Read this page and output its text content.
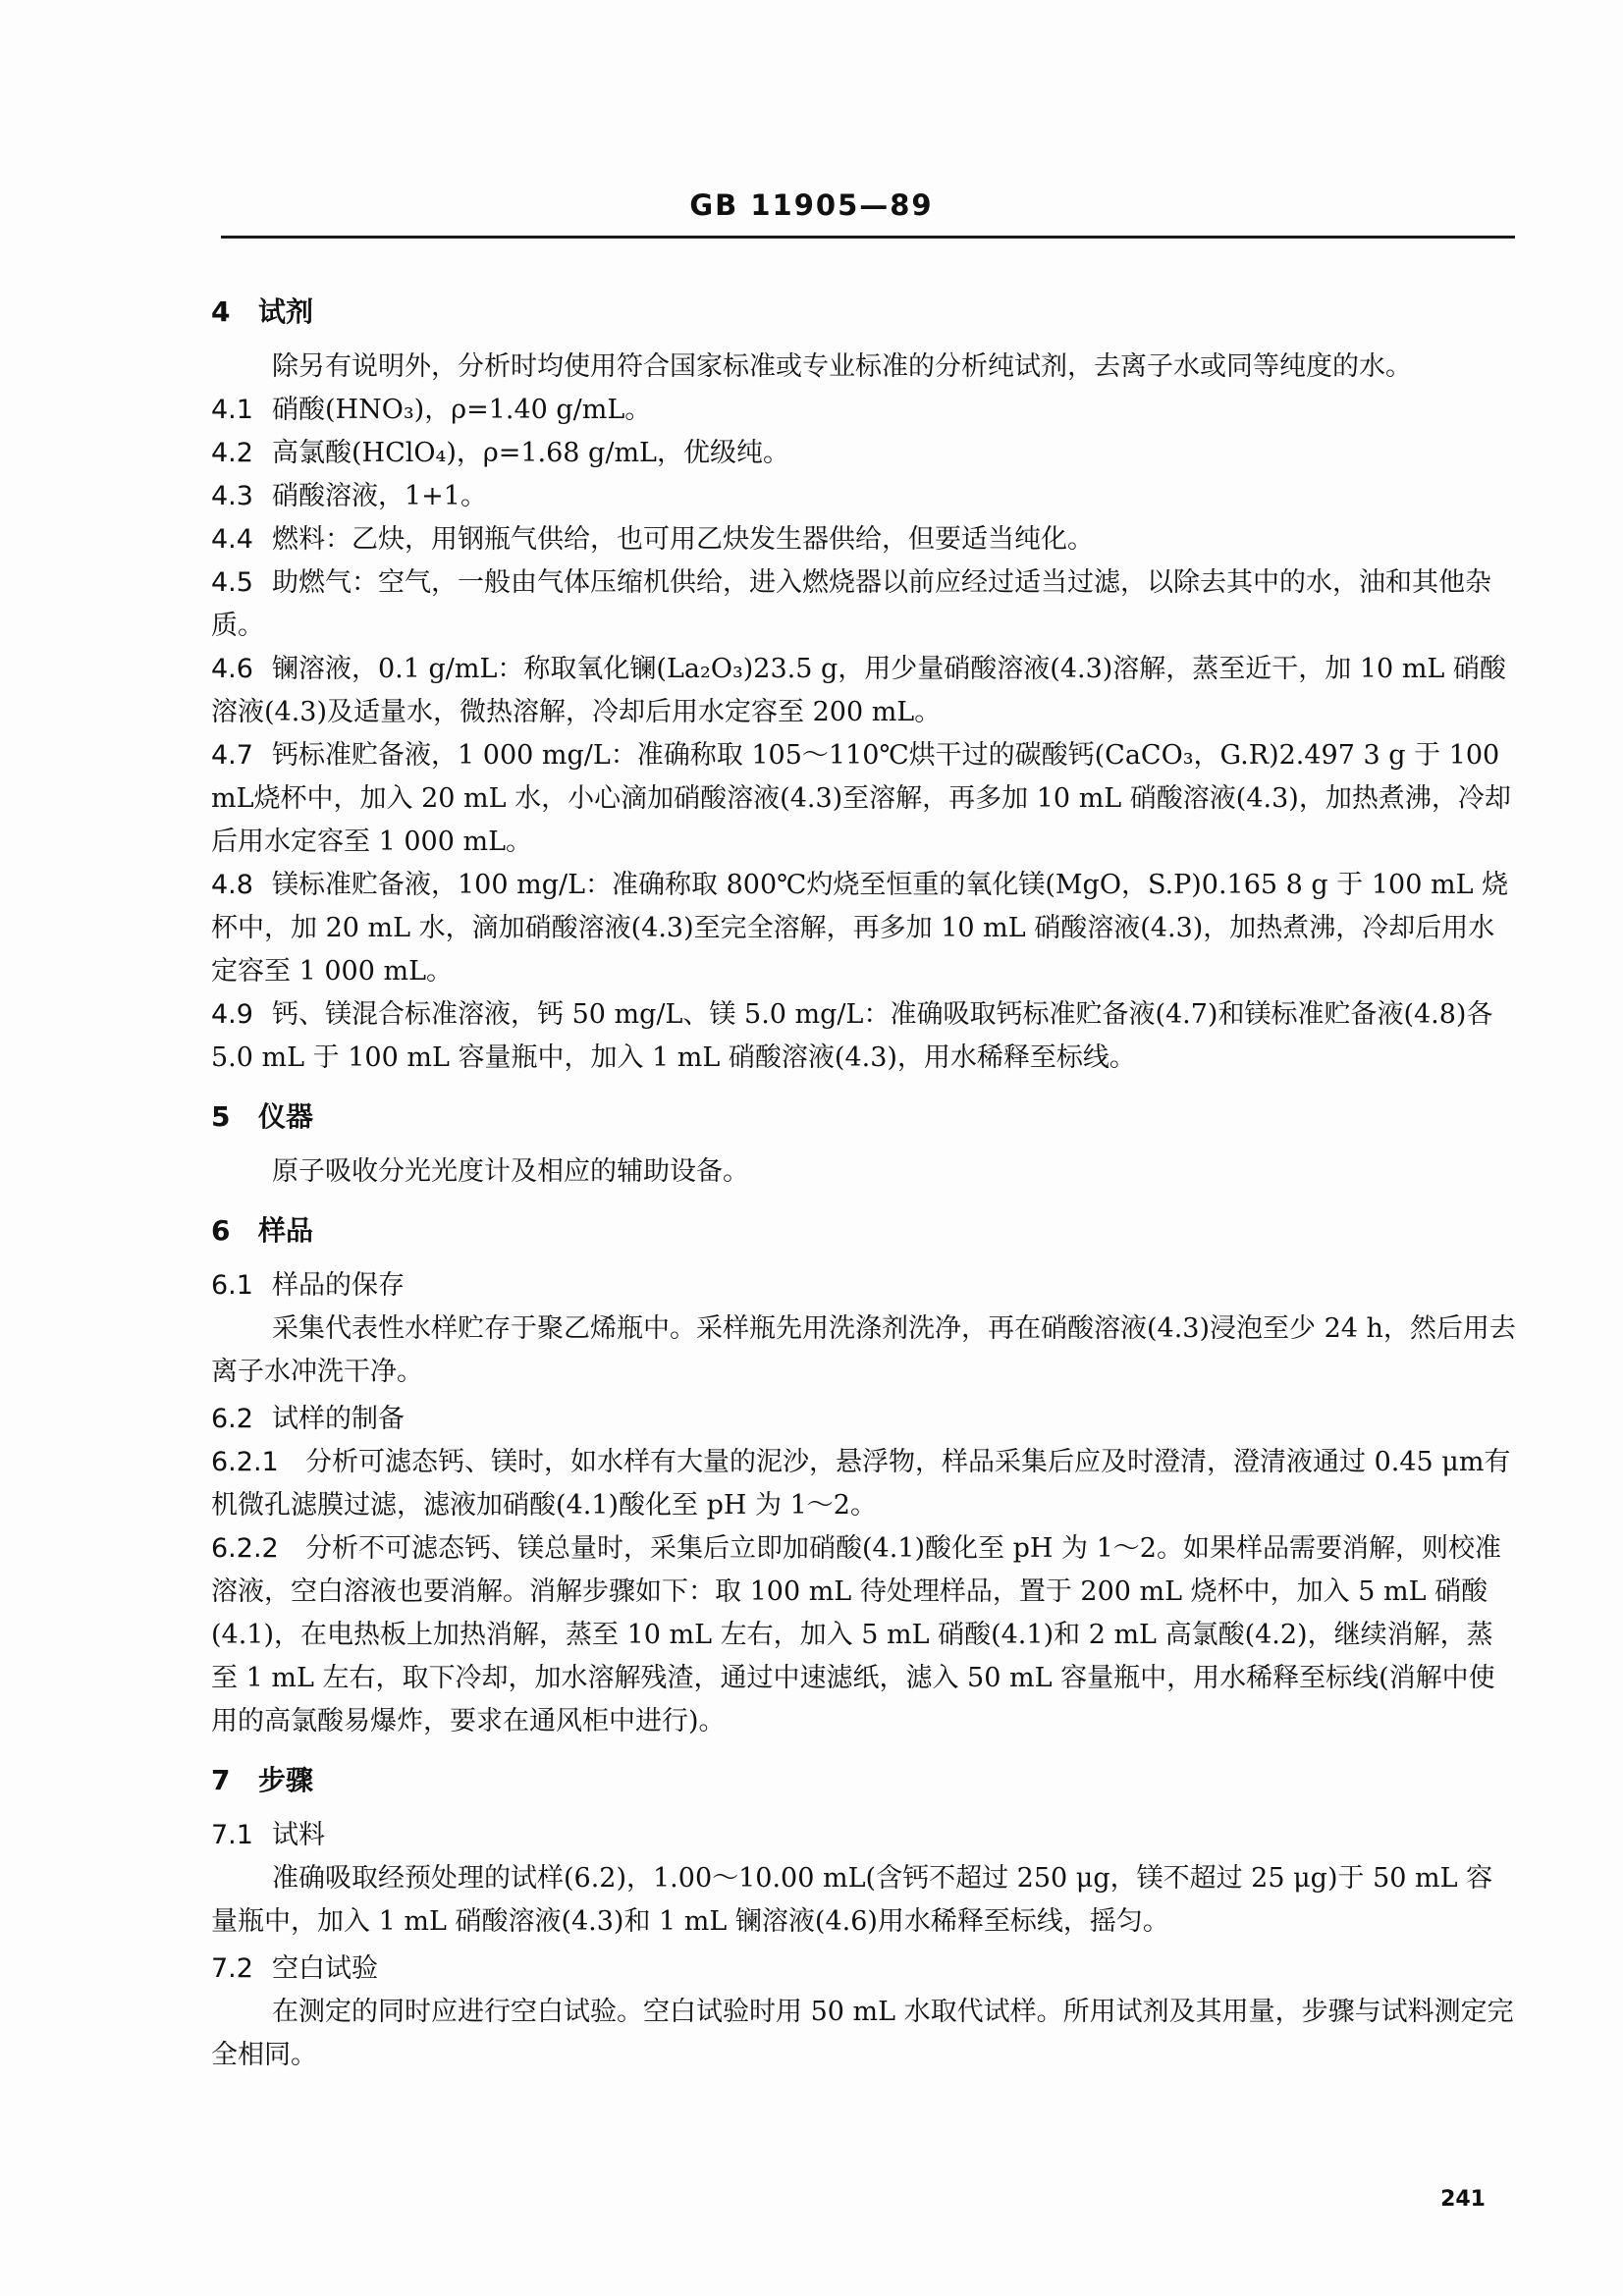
GB 11905—89
4 试剂
除另有说明外，分析时均使用符合国家标准或专业标准的分析纯试剂，去离子水或同等纯度的水。
4.1 硝酸(HNO₃)，ρ=1.40 g/mL。
4.2 高氯酸(HClO₄)，ρ=1.68 g/mL，优级纯。
4.3 硝酸溶液，1+1。
4.4 燃料：乙炔，用钢瓶气供给，也可用乙炔发生器供给，但要适当纯化。
4.5 助燃气：空气，一般由气体压缩机供给，进入燃烧器以前应经过适当过滤，以除去其中的水，油和其他杂质。
4.6 镧溶液，0.1 g/mL：称取氧化镧(La₂O₃)23.5 g，用少量硝酸溶液(4.3)溶解，蒸至近干，加 10 mL 硝酸溶液(4.3)及适量水，微热溶解，冷却后用水定容至 200 mL。
4.7 钙标准贮备液，1 000 mg/L：准确称取 105～110℃烘干过的碳酸钙(CaCO₃，G.R)2.497 3 g 于 100 mL烧杯中，加入 20 mL 水，小心滴加硝酸溶液(4.3)至溶解，再多加 10 mL 硝酸溶液(4.3)，加热煮沸，冷却后用水定容至 1 000 mL。
4.8 镁标准贮备液，100 mg/L：准确称取 800℃灼烧至恒重的氧化镁(MgO，S.P)0.165 8 g 于 100 mL 烧杯中，加 20 mL 水，滴加硝酸溶液(4.3)至完全溶解，再多加 10 mL 硝酸溶液(4.3)，加热煮沸，冷却后用水定容至 1 000 mL。
4.9 钙、镁混合标准溶液，钙 50 mg/L、镁 5.0 mg/L：准确吸取钙标准贮备液(4.7)和镁标准贮备液(4.8)各 5.0 mL 于 100 mL 容量瓶中，加入 1 mL 硝酸溶液(4.3)，用水稀释至标线。
5 仪器
原子吸收分光光度计及相应的辅助设备。
6 样品
6.1 样品的保存
采集代表性水样贮存于聚乙烯瓶中。采样瓶先用洗涤剂洗净，再在硝酸溶液(4.3)浸泡至少 24 h，然后用去离子水冲洗干净。
6.2 试样的制备
6.2.1 分析可滤态钙、镁时，如水样有大量的泥沙，悬浮物，样品采集后应及时澄清，澄清液通过 0.45 μm有机微孔滤膜过滤，滤液加硝酸(4.1)酸化至 pH 为 1～2。
6.2.2 分析不可滤态钙、镁总量时，采集后立即加硝酸(4.1)酸化至 pH 为 1～2。如果样品需要消解，则校准溶液，空白溶液也要消解。消解步骤如下：取 100 mL 待处理样品，置于 200 mL 烧杯中，加入 5 mL 硝酸(4.1)，在电热板上加热消解，蒸至 10 mL 左右，加入 5 mL 硝酸(4.1)和 2 mL 高氯酸(4.2)，继续消解，蒸至 1 mL 左右，取下冷却，加水溶解残渣，通过中速滤纸，滤入 50 mL 容量瓶中，用水稀释至标线(消解中使用的高氯酸易爆炸，要求在通风柜中进行)。
7 步骤
7.1 试料
准确吸取经预处理的试样(6.2)，1.00～10.00 mL(含钙不超过 250 μg，镁不超过 25 μg)于 50 mL 容量瓶中，加入 1 mL 硝酸溶液(4.3)和 1 mL 镧溶液(4.6)用水稀释至标线，摇匀。
7.2 空白试验
在测定的同时应进行空白试验。空白试验时用 50 mL 水取代试样。所用试剂及其用量，步骤与试料测定完全相同。
241
